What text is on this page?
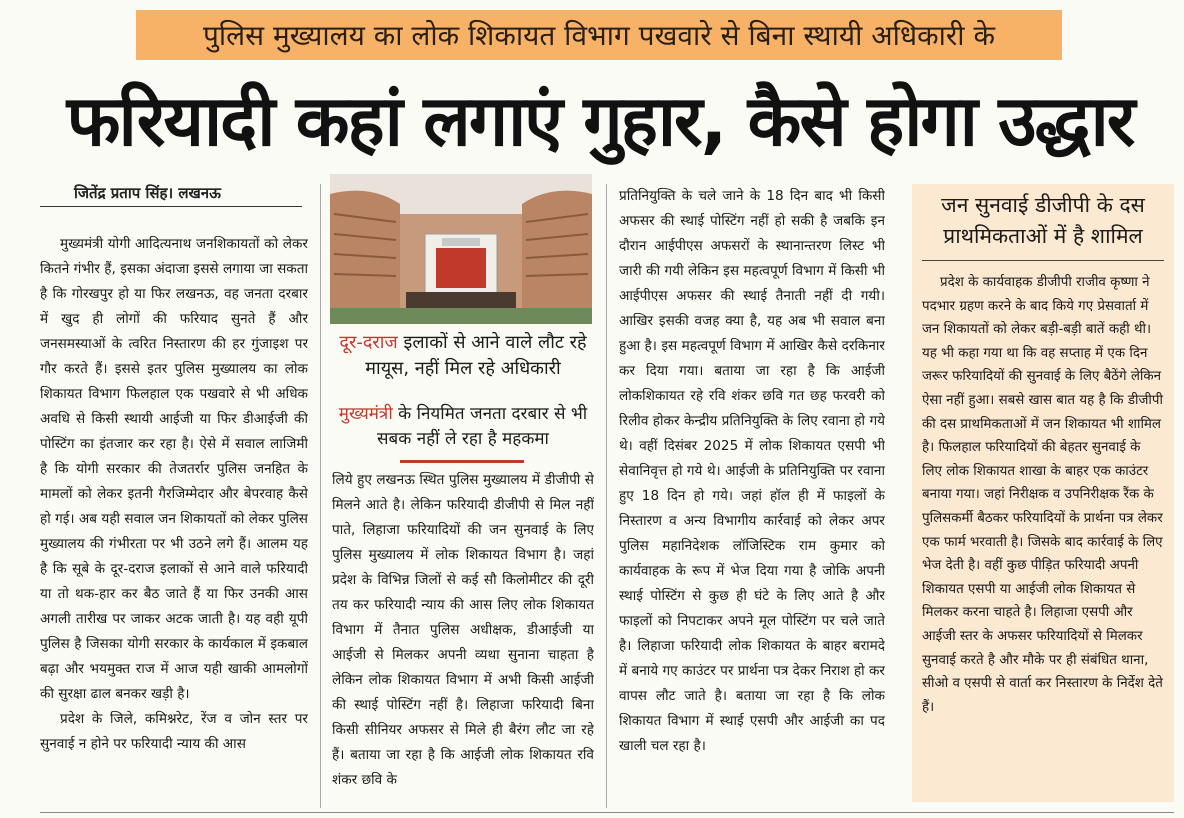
पुलिस मुख्यालय का लोक शिकायत विभाग पखवारे से बिना स्थायी अधिकारी के
फरियादी कहां लगाएं गुहार, कैसे होगा उद्धार
जितेंद्र प्रताप सिंह। लखनऊ

मुख्यमंत्री योगी आदित्यनाथ जनशिकायतों को लेकर कितने गंभीर हैं, इसका अंदाजा इससे लगाया जा सकता है कि गोरखपुर हो या फिर लखनऊ, वह जनता दरबार में खुद ही लोगों की फरियाद सुनते हैं और जनसमस्याओं के त्वरित निस्तारण की हर गुंजाइश पर गौर करते हैं। इससे इतर पुलिस मुख्यालय का लोक शिकायत विभाग फिलहाल एक पखवारे से भी अधिक अवधि से किसी स्थायी आईजी या फिर डीआईजी की पोस्टिंग का इंतजार कर रहा है। ऐसे में सवाल लाजिमी है कि योगी सरकार की तेजतर्रार पुलिस जनहित के मामलों को लेकर इतनी गैरजिम्मेदार और बेपरवाह कैसे हो गई। अब यही सवाल जन शिकायतों को लेकर पुलिस मुख्यालय की गंभीरता पर भी उठने लगे हैं। आलम यह है कि सूबे के दूर-दराज इलाकों से आने वाले फरियादी या तो थक-हार कर बैठ जाते हैं या फिर उनकी आस अगली तारीख पर जाकर अटक जाती है। यह वही यूपी पुलिस है जिसका योगी सरकार के कार्यकाल में इकबाल बढ़ा और भयमुक्त राज में आज यही खाकी आमलोगों की सुरक्षा ढाल बनकर खड़ी है।

प्रदेश के जिले, कमिश्नरेट, रेंज व जोन स्तर पर सुनवाई न होने पर फरियादी न्याय की आस

दूर-दराज इलाकों से आने वाले लौट रहे मायूस, नहीं मिल रहे अधिकारी
मुख्यमंत्री के नियमित जनता दरबार से भी सबक नहीं ले रहा है महकमा

लिये हुए लखनऊ स्थित पुलिस मुख्यालय में डीजीपी से मिलने आते है। लेकिन फरियादी डीजीपी से मिल नहीं पाते, लिहाजा फरियादियों की जन सुनवाई के लिए पुलिस मुख्यालय में लोक शिकायत विभाग है। जहां प्रदेश के विभिन्न जिलों से कई सौ किलोमीटर की दूरी तय कर फरियादी न्याय की आस लिए लोक शिकायत विभाग में तैनात पुलिस अधीक्षक, डीआईजी या आईजी से मिलकर अपनी व्यथा सुनाना चाहता है लेकिन लोक शिकायत विभाग में अभी किसी आईजी की स्थाई पोस्टिंग नहीं है। लिहाजा फरियादी बिना किसी सीनियर अफसर से मिले ही बैरंग लौट जा रहे हैं। बताया जा रहा है कि आईजी लोक शिकायत रवि शंकर छवि के

प्रतिनियुक्ति के चले जाने के 18 दिन बाद भी किसी अफसर की स्थाई पोस्टिंग नहीं हो सकी है जबकि इन दौरान आईपीएस अफसरों के स्थानान्तरण लिस्ट भी जारी की गयी लेकिन इस महत्वपूर्ण विभाग में किसी भी आईपीएस अफसर की स्थाई तैनाती नहीं दी गयी। आखिर इसकी वजह क्या है, यह अब भी सवाल बना हुआ है। इस महत्वपूर्ण विभाग में आखिर कैसे दरकिनार कर दिया गया। बताया जा रहा है कि आईजी लोकशिकायत रहे रवि शंकर छवि गत छह फरवरी को रिलीव होकर केन्द्रीय प्रतिनियुक्ति के लिए रवाना हो गये थे। वहीं दिसंबर 2025 में लोक शिकायत एसपी भी सेवानिवृत्त हो गये थे। आईजी के प्रतिनियुक्ति पर रवाना हुए 18 दिन हो गये। जहां हॉल ही में फाइलों के निस्तारण व अन्य विभागीय कार्रवाई को लेकर अपर पुलिस महानिदेशक लॉजिस्टिक राम कुमार को कार्यवाहक के रूप में भेज दिया गया है जोकि अपनी स्थाई पोस्टिंग से कुछ ही घंटे के लिए आते है और फाइलों को निपटाकर अपने मूल पोस्टिंग पर चले जाते है। लिहाजा फरियादी लोक शिकायत के बाहर बरामदे में बनाये गए काउंटर पर प्रार्थना पत्र देकर निराश हो कर वापस लौट जाते है। बताया जा रहा है कि लोक शिकायत विभाग में स्थाई एसपी और आईजी का पद खाली चल रहा है।

जन सुनवाई डीजीपी के दस प्राथमिकताओं में है शामिल

प्रदेश के कार्यवाहक डीजीपी राजीव कृष्णा ने पदभार ग्रहण करने के बाद किये गए प्रेसवार्ता में जन शिकायतों को लेकर बड़ी-बड़ी बातें कही थी। यह भी कहा गया था कि वह सप्ताह में एक दिन जरूर फरियादियों की सुनवाई के लिए बैठेंगे लेकिन ऐसा नहीं हुआ। सबसे खास बात यह है कि डीजीपी की दस प्राथमिकताओं में जन शिकायत भी शामिल है। फिलहाल फरियादियों की बेहतर सुनवाई के लिए लोक शिकायत शाखा के बाहर एक काउंटर बनाया गया। जहां निरीक्षक व उपनिरीक्षक रैंक के पुलिसकर्मी बैठकर फरियादियों के प्रार्थना पत्र लेकर एक फार्म भरवाती है। जिसके बाद कार्रवाई के लिए भेज देती है। वहीं कुछ पीड़ित फरियादी अपनी शिकायत एसपी या आईजी लोक शिकायत से मिलकर करना चाहते है। लिहाजा एसपी और आईजी स्तर के अफसर फरियादियों से मिलकर सुनवाई करते है और मौके पर ही संबंधित थाना, सीओ व एसपी से वार्ता कर निस्तारण के निर्देश देते हैं।
